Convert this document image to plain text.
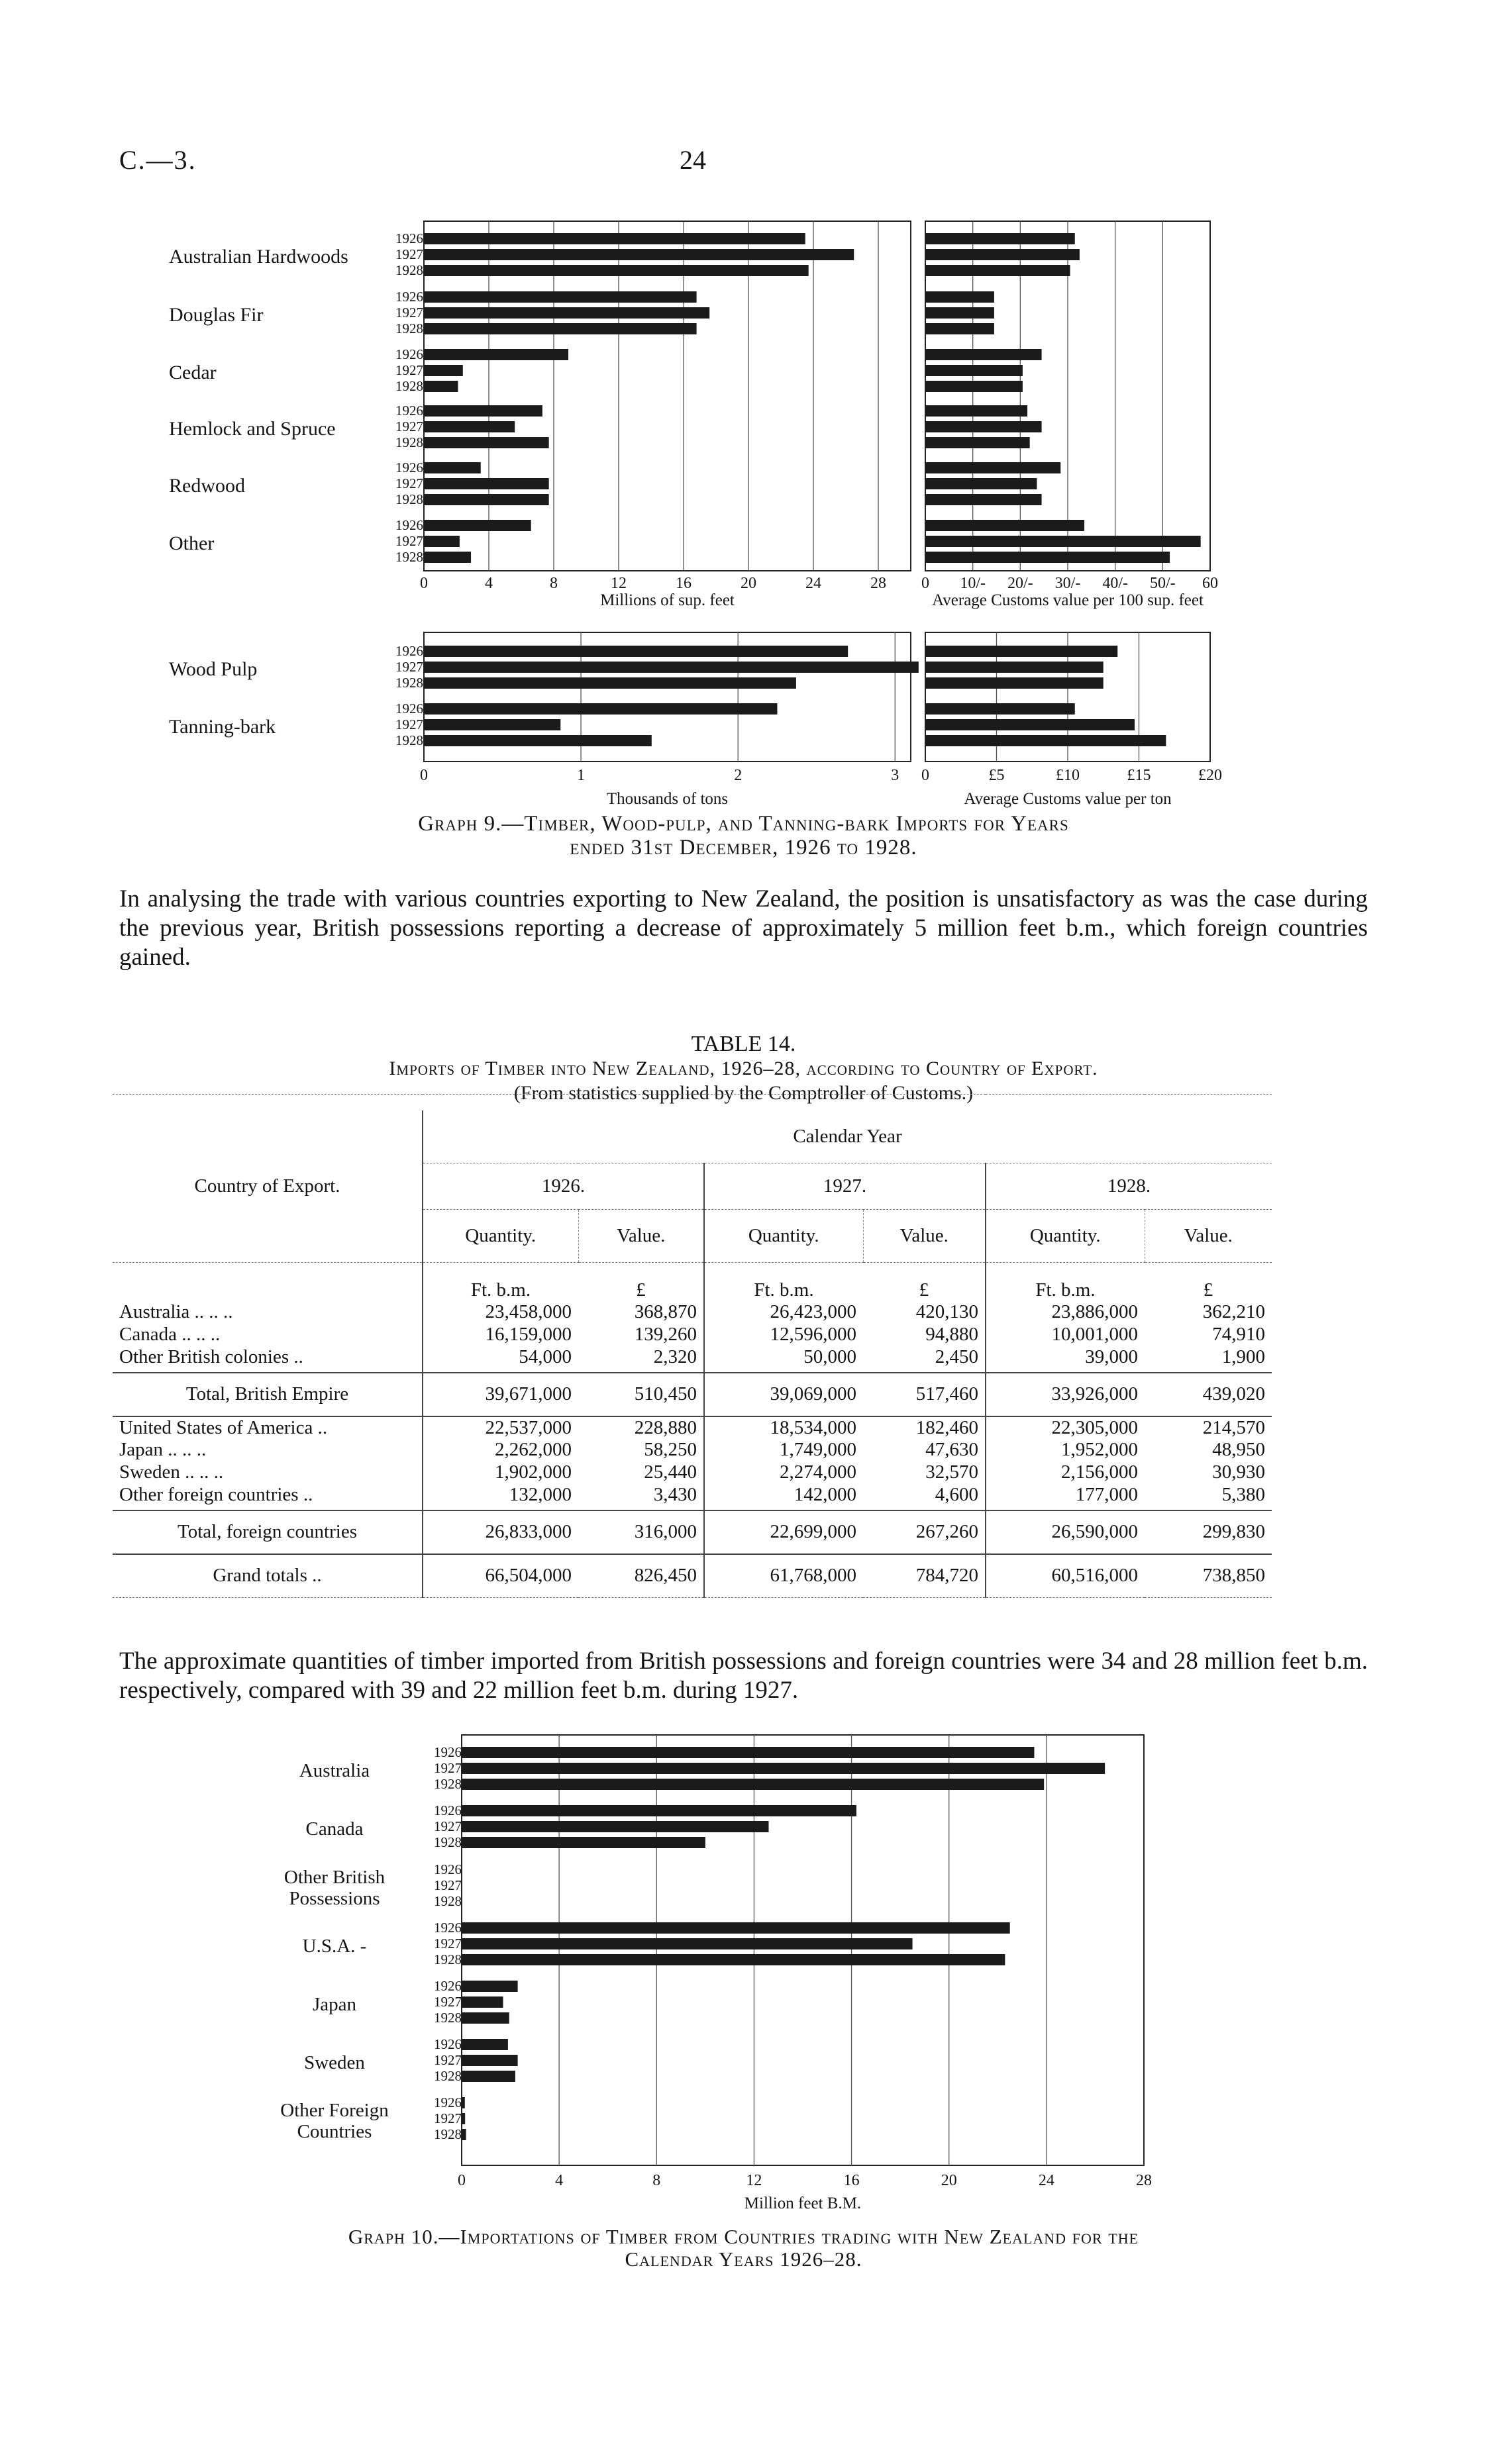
C.—3.	24
0	4	8	12	16	20	24	28
Millions of sup. feet
1926
1927
1928
Australian Hardwoods
1926
1927
1928
Douglas Fir
1926
1927
1928
Cedar
1926
1927
1928
Hemlock and Spruce
1926
1927
1928
Redwood
1926
1927
1928
Other
0 10/- 20/- 30/- 40/- 50/- 60
Average Customs value per 100 sup. feet
0	1	2	3
Thousands of tons
1926
1927
1928
Wood Pulp
1926
1927
1928
Tanning-bark
0	£5	£10	£15	£20
Average Customs value per ton
0	4	8	12	16	20	24	28
Million feet B.M.
1926
1927
1928
Australia
1926
1927
1928
Canada
1926
1927
1928
Other British
Possessions
1926
1927
1928
U.S.A. -
1926
1927
1928
Japan
1926
1927
1928
Sweden
1926
1927
1928
Other Foreign
Countries
Graph 9.—Timber, Wood-pulp, and Tanning-bark Imports for Years
ended 31st December, 1926 to 1928.
In analysing the trade with various countries exporting to New Zealand, the position is unsatisfactory as was the case during the previous year, British possessions reporting a decrease of approximately 5 million feet b.m., which foreign countries gained.
TABLE 14.
Imports of Timber into New Zealand, 1926–28, according to Country of Export.
(From statistics supplied by the Comptroller of Customs.)

Country of Export.	Calendar Year					
	1926.		1927.		1928.	
	Quantity.	Value.	Quantity.	Value.	Quantity.	Value.
	Ft. b.m.	£	Ft. b.m.	£	Ft. b.m.	£
Australia .. .. ..	23,458,000	368,870	26,423,000	420,130	23,886,000	362,210
Canada .. .. ..	16,159,000	139,260	12,596,000	94,880	10,001,000	74,910
Other British colonies ..	54,000	2,320	50,000	2,450	39,000	1,900
Total, British Empire	39,671,000	510,450	39,069,000	517,460	33,926,000	439,020
United States of America ..	22,537,000	228,880	18,534,000	182,460	22,305,000	214,570
Japan .. .. ..	2,262,000	58,250	1,749,000	47,630	1,952,000	48,950
Sweden .. .. ..	1,902,000	25,440	2,274,000	32,570	2,156,000	30,930
Other foreign countries ..	132,000	3,430	142,000	4,600	177,000	5,380
Total, foreign countries	26,833,000	316,000	22,699,000	267,260	26,590,000	299,830
Grand totals ..	66,504,000	826,450	61,768,000	784,720	60,516,000	738,850
The approximate quantities of timber imported from British possessions and foreign countries were 34 and 28 million feet b.m. respectively, compared with 39 and 22 million feet b.m. during 1927.
Graph 10.—Importations of Timber from Countries trading with New Zealand for the
Calendar Years 1926–28.
